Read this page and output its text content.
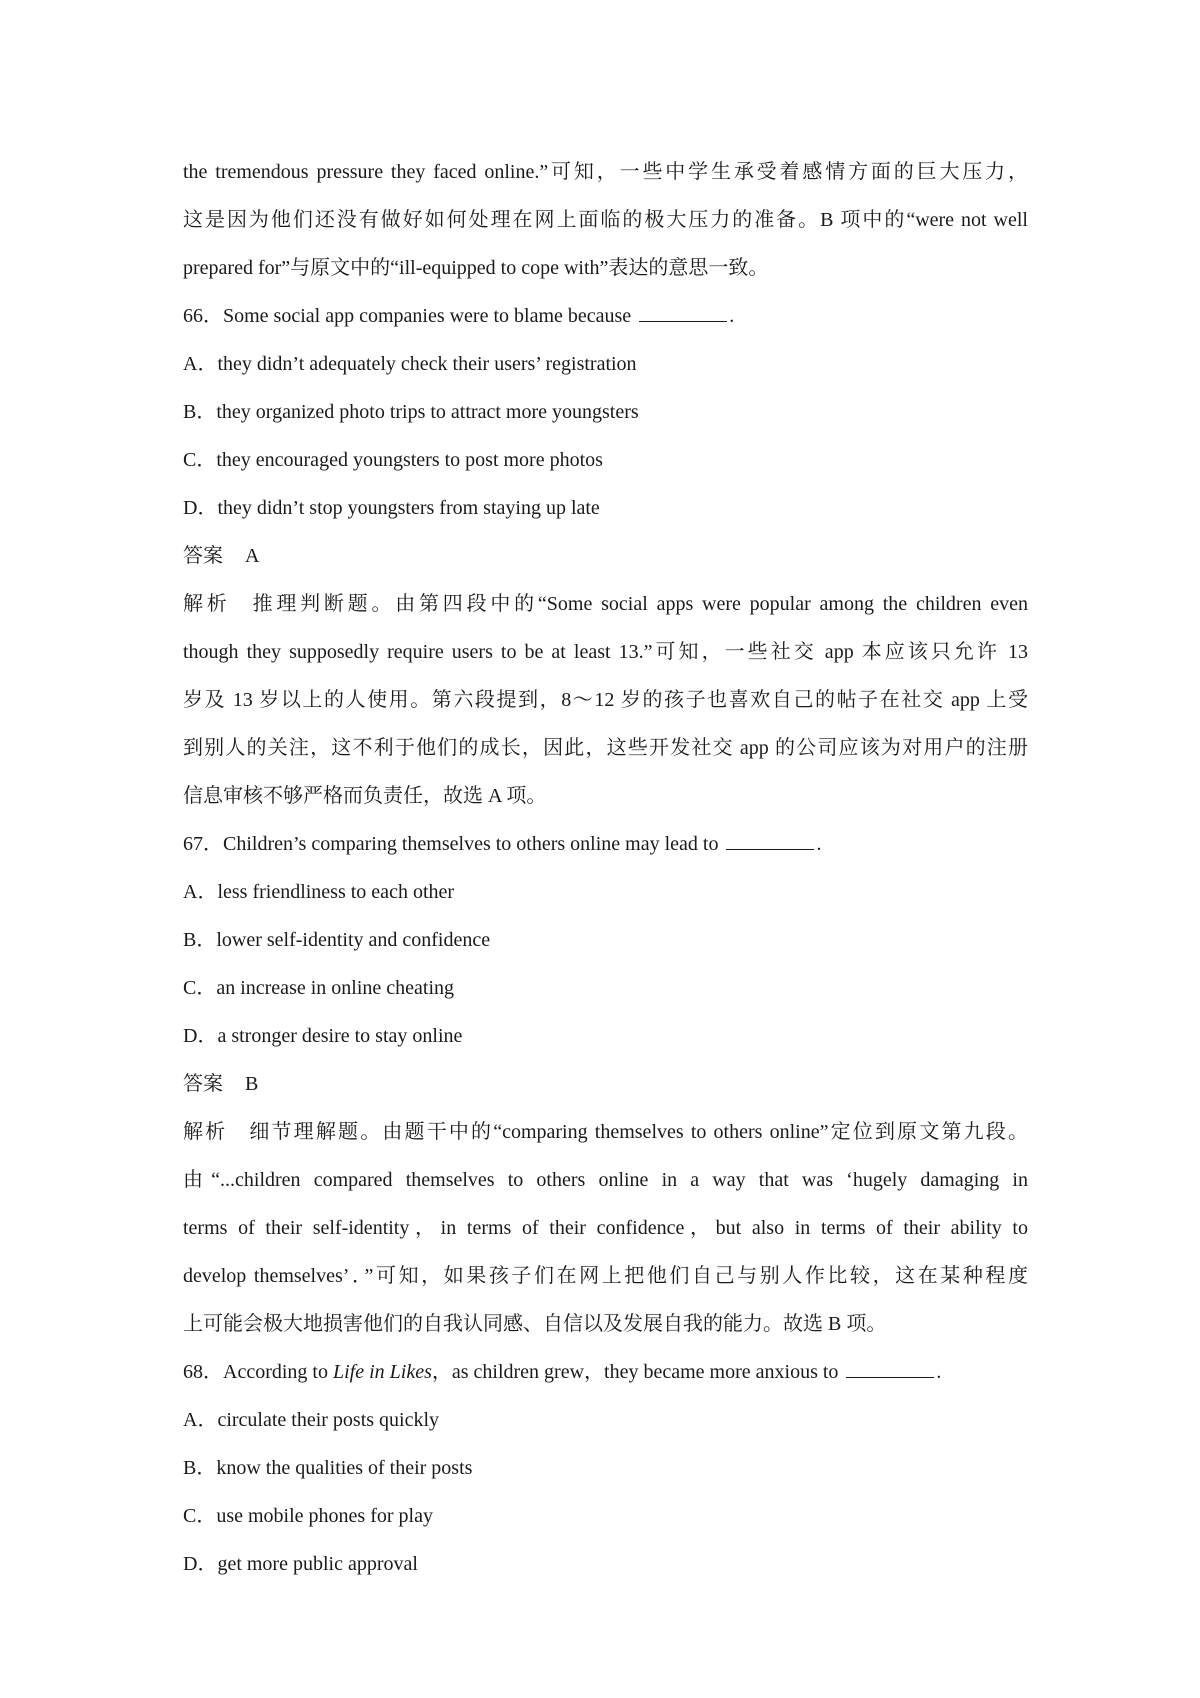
the tremendous pressure they faced online.”可知，一些中学生承受着感情方面的巨大压力，
这是因为他们还没有做好如何处理在网上面临的极大压力的准备。B 项中的“were not well
prepared for”与原文中的“ill-equipped to cope with”表达的意思一致。
66．Some social app companies were to blame because	.
A．they didn’t adequately check their users’ registration
B．they organized photo trips to attract more youngsters
C．they encouraged youngsters to post more photos
D．they didn’t stop youngsters from staying up late
答案 A
解析 推理判断题。由第四段中的“Some social apps were popular among the children even
though they supposedly require users to be at least 13.”可知，一些社交 app 本应该只允许 13
岁及 13 岁以上的人使用。第六段提到，8～12 岁的孩子也喜欢自己的帖子在社交 app 上受
到别人的关注，这不利于他们的成长，因此，这些开发社交 app 的公司应该为对用户的注册
信息审核不够严格而负责任，故选 A 项。
67．Children’s comparing themselves to others online may lead to	.
A．less friendliness to each other
B．lower self-identity and confidence
C．an increase in online cheating
D．a stronger desire to stay online
答案 B
解析 细节理解题。由题干中的“comparing themselves to others online”定位到原文第九段。
由“...children compared themselves to others online in a way that was ‘hugely damaging in
terms of their self-identity，in terms of their confidence，but also in terms of their ability to
develop themselves’．”可知，如果孩子们在网上把他们自己与别人作比较，这在某种程度
上可能会极大地损害他们的自我认同感、自信以及发展自我的能力。故选 B 项。
68．According to Life in Likes，as children grew，they became more anxious to	.
A．circulate their posts quickly
B．know the qualities of their posts
C．use mobile phones for play
D．get more public approval
